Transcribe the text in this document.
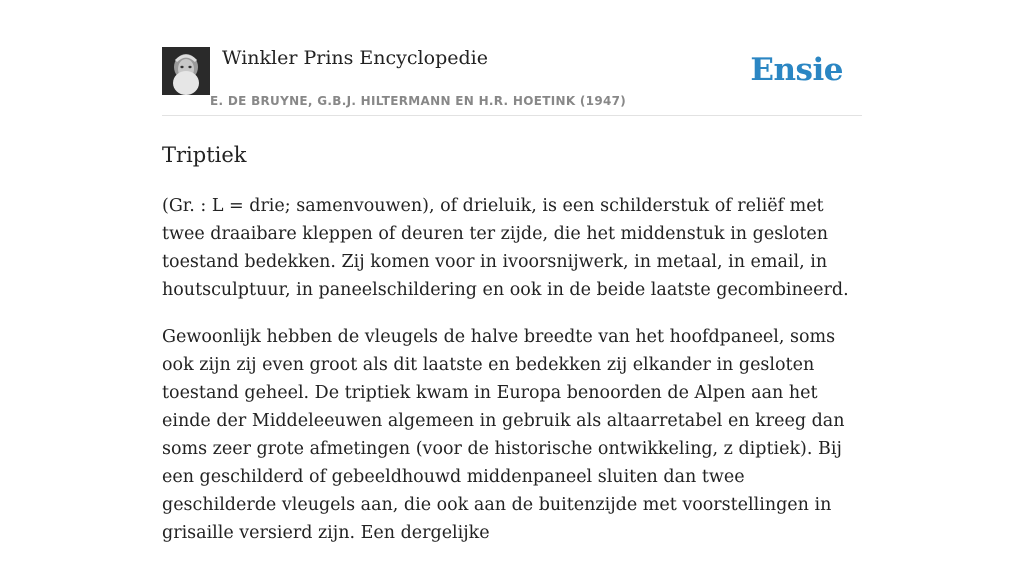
Winkler Prins Encyclopedie
E. DE BRUYNE, G.B.J. HILTERMANN EN H.R. HOETINK (1947)
Ensie
Triptiek

(Gr. : L = drie; samenvouwen), of drieluik, is een schilderstuk of reliëf met twee draaibare kleppen of deuren ter zijde, die het middenstuk in gesloten toestand bedekken. Zij komen voor in ivoorsnijwerk, in metaal, in email, in houtsculptuur, in paneelschildering en ook in de beide laatste gecombineerd.

Gewoonlijk hebben de vleugels de halve breedte van het hoofdpaneel, soms ook zijn zij even groot als dit laatste en bedekken zij elkander in gesloten toestand geheel. De triptiek kwam in Europa benoorden de Alpen aan het einde der Middeleeuwen algemeen in gebruik als altaarretabel en kreeg dan soms zeer grote afmetingen (voor de historische ontwikkeling, z diptiek). Bij een geschilderd of gebeeldhouwd middenpaneel sluiten dan twee geschilderde vleugels aan, die ook aan de buitenzijde met voorstellingen in grisaille versierd zijn. Een dergelijke
